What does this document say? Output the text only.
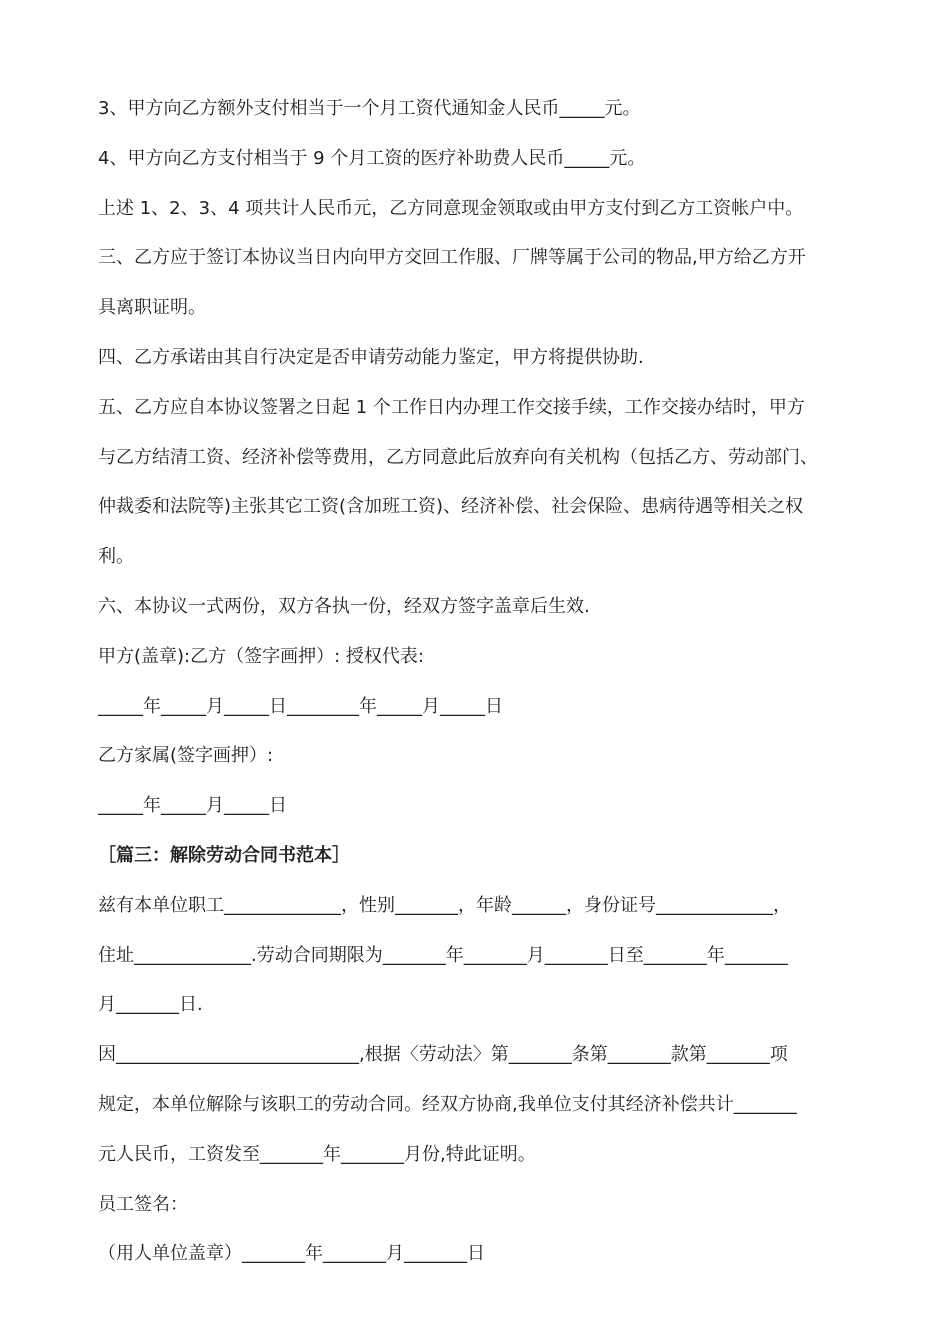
3、甲方向乙方额外支付相当于一个月工资代通知金人民币_____元。
4、甲方向乙方支付相当于 9 个月工资的医疗补助费人民币_____元。
上述 1、2、3、4 项共计人民币元，乙方同意现金领取或由甲方支付到乙方工资帐户中。
三、乙方应于签订本协议当日内向甲方交回工作服、厂牌等属于公司的物品,甲方给乙方开
具离职证明。
四、乙方承诺由其自行决定是否申请劳动能力鉴定，甲方将提供协助.
五、乙方应自本协议签署之日起 1 个工作日内办理工作交接手续，工作交接办结时，甲方
与乙方结清工资、经济补偿等费用，乙方同意此后放弃向有关机构（包括乙方、劳动部门、
仲裁委和法院等)主张其它工资(含加班工资)、经济补偿、社会保险、患病待遇等相关之权
利。
六、本协议一式两份，双方各执一份，经双方签字盖章后生效.
甲方(盖章):乙方（签字画押）: 授权代表:
_____年_____月_____日________年_____月_____日
乙方家属(签字画押）:
_____年_____月_____日
［篇三：解除劳动合同书范本］
兹有本单位职工_____________，性别_______，年龄______，身份证号_____________，
住址_____________.劳动合同期限为_______年_______月_______日至_______年_______
月_______日.
因___________________________,根据〈劳动法〉第_______条第_______款第_______项
规定，本单位解除与该职工的劳动合同。经双方协商,我单位支付其经济补偿共计_______
元人民币，工资发至_______年_______月份,特此证明。
员工签名：
（用人单位盖章）_______年_______月_______日
